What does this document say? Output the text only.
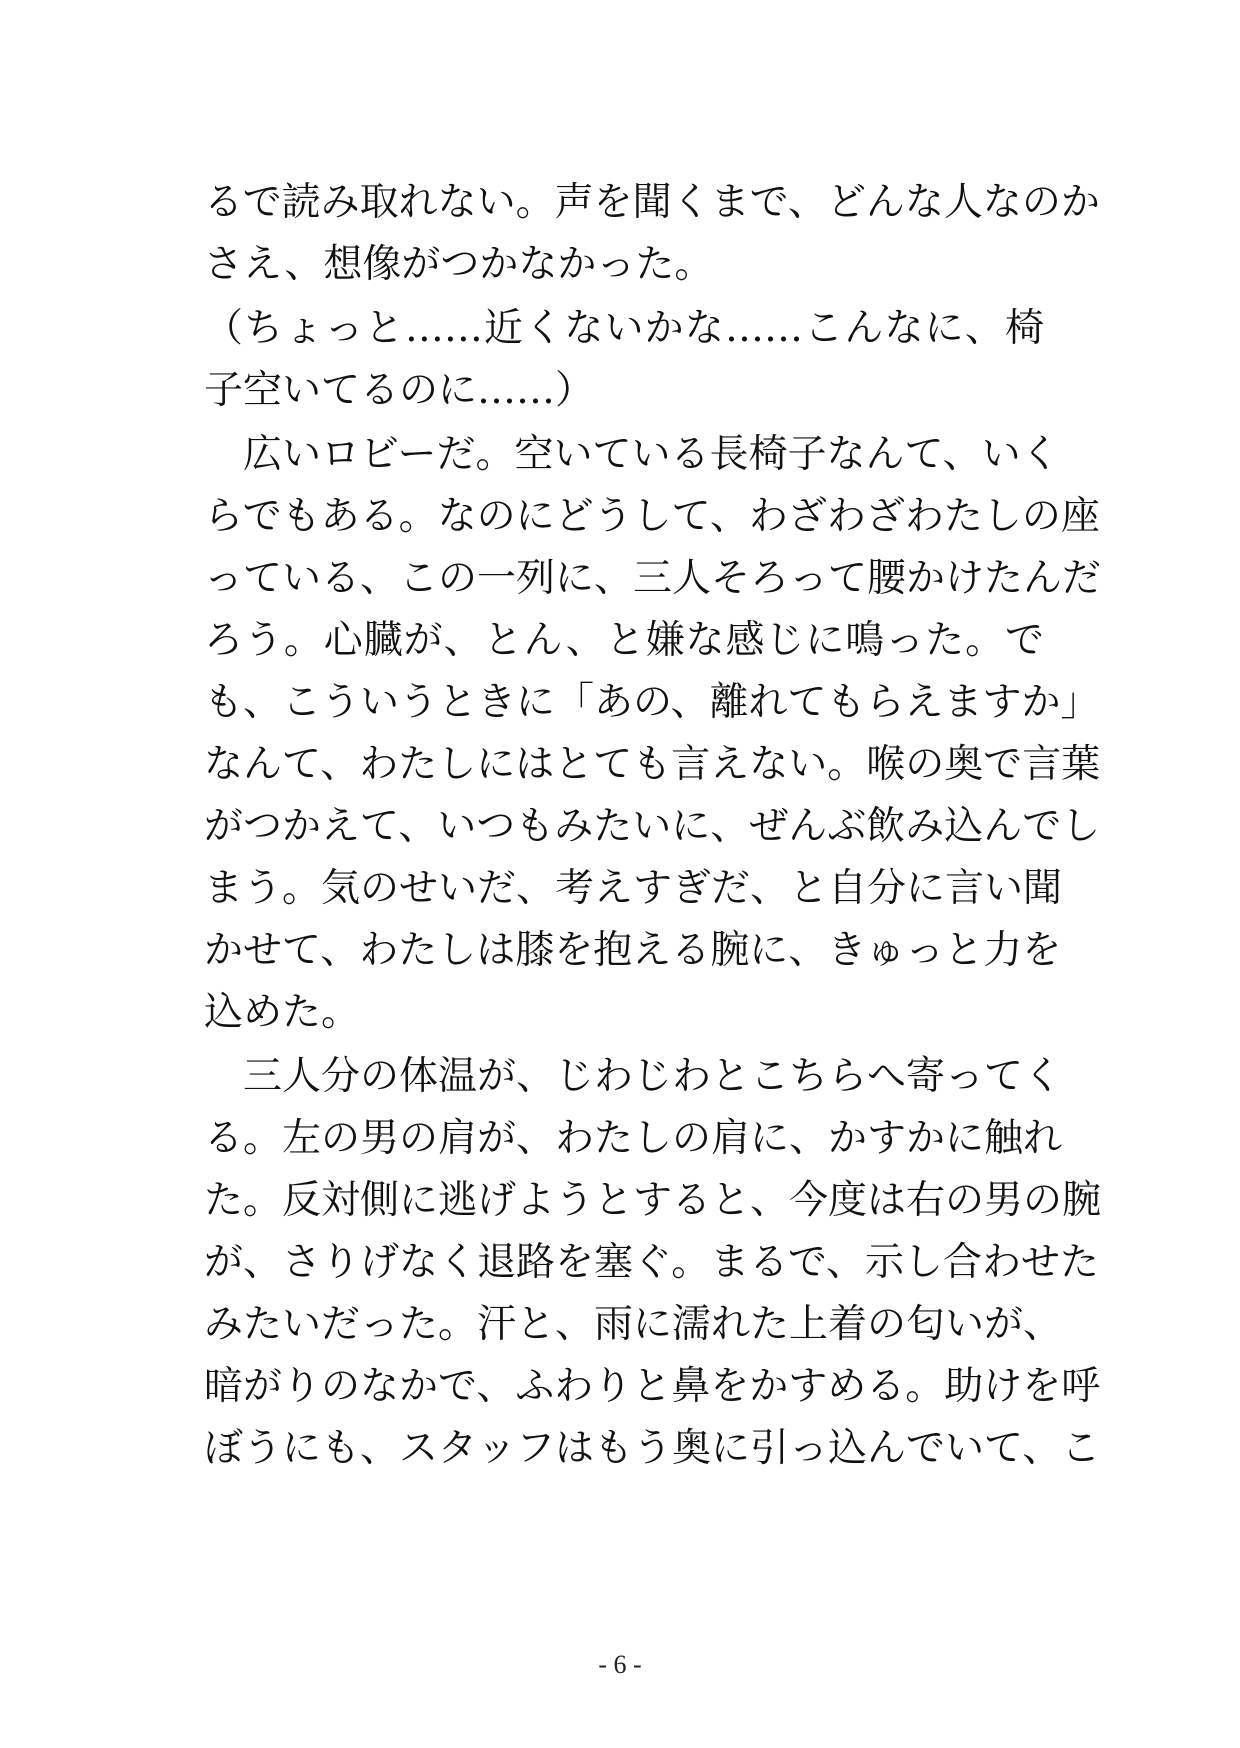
るで読み取れない。声を聞くまで、どんな人なのか
さえ、想像がつかなかった。
（ちょっと……近くないかな……こんなに、椅
子空いてるのに……）
　広いロビーだ。空いている長椅子なんて、いく
らでもある。なのにどうして、わざわざわたしの座
っている、この一列に、三人そろって腰かけたんだ
ろう。心臓が、とん、と嫌な感じに鳴った。で
も、こういうときに「あの、離れてもらえますか」
なんて、わたしにはとても言えない。喉の奥で言葉
がつかえて、いつもみたいに、ぜんぶ飲み込んでし
まう。気のせいだ、考えすぎだ、と自分に言い聞
かせて、わたしは膝を抱える腕に、きゅっと力を
込めた。
　三人分の体温が、じわじわとこちらへ寄ってく
る。左の男の肩が、わたしの肩に、かすかに触れ
た。反対側に逃げようとすると、今度は右の男の腕
が、さりげなく退路を塞ぐ。まるで、示し合わせた
みたいだった。汗と、雨に濡れた上着の匂いが、
暗がりのなかで、ふわりと鼻をかすめる。助けを呼
ぼうにも、スタッフはもう奥に引っ込んでいて、こ
- 6 -
